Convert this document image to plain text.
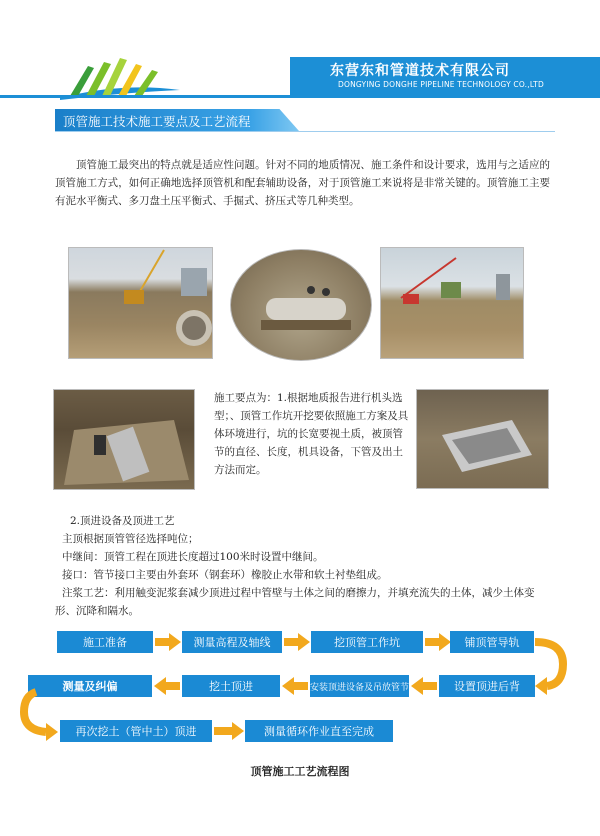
东营东和管道技术有限公司
DONGYING DONGHE PIPELINE TECHNOLOGY CO.,LTD
顶管施工技术施工要点及工艺流程
顶管施工最突出的特点就是适应性问题。针对不同的地质情况、施工条件和设计要求，选用与之适应的顶管施工方式，如何正确地选择顶管机和配套辅助设备，对于顶管施工来说将是非常关键的。顶管施工主要有泥水平衡式、多刀盘土压平衡式、手掘式、挤压式等几种类型。
施工要点为：1.根据地质报告进行机头选型；、顶管工作坑开挖要依照施工方案及具体环境进行，坑的长宽要视土质，被顶管节的直径、长度，机具设备，下管及出土方法而定。
2.顶进设备及顶进工艺
主顶根据顶管管径选择吨位；
中继间：顶管工程在顶进长度超过100米时设置中继间。
接口：管节接口主要由外套环（钢套环）橡胶止水带和软土衬垫组成。
注浆工艺：利用触变泥浆套减少顶进过程中管壁与土体之间的磨擦力，并填充流失的土体，减少土体变形、沉降和隔水。
施工准备	测量高程及轴线	挖顶管工作坑	铺顶管导轨
设置顶进后背
安装顶进设备及吊放管节
挖土顶进
测量及纠偏
再次挖土（管中土）顶进	测量循环作业直至完成
顶管施工工艺流程图
